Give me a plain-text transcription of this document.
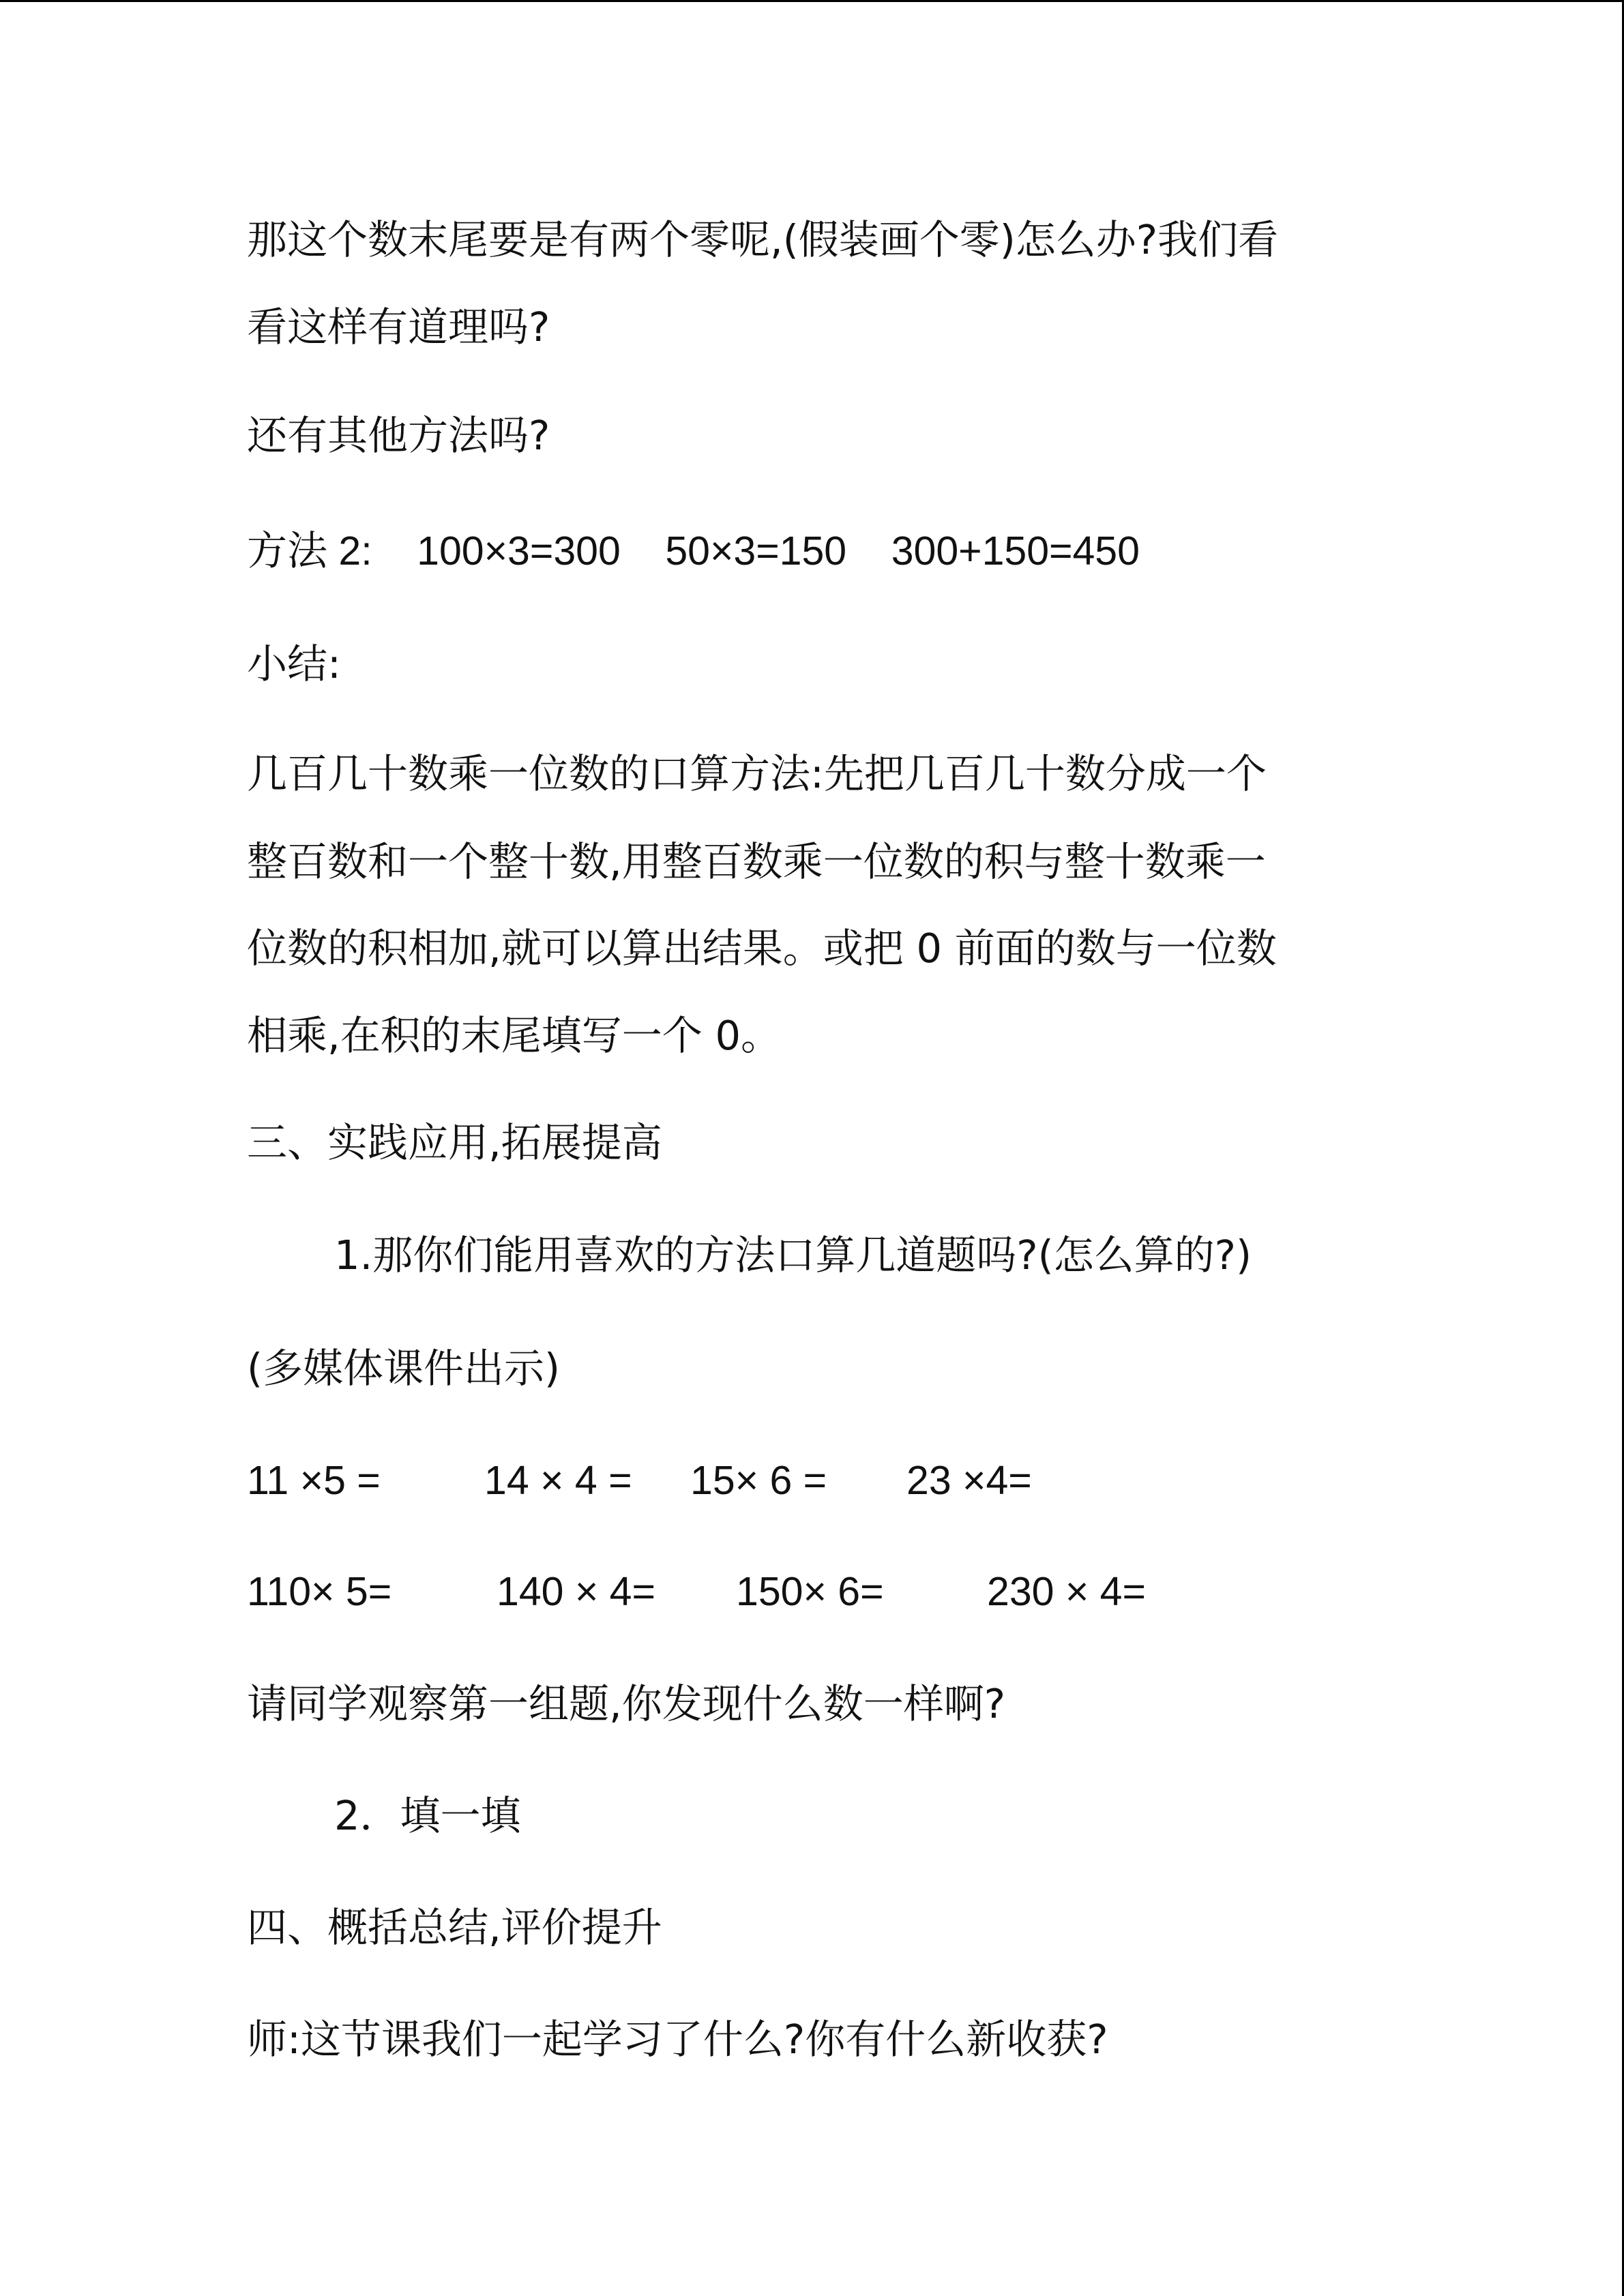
那这个数末尾要是有两个零呢,(假装画个零)怎么办?我们看
看这样有道理吗?
还有其他方法吗?
方法 2:    100×3=300    50×3=150    300+150=450
小结:
几百几十数乘一位数的口算方法:先把几百几十数分成一个
整百数和一个整十数,用整百数乘一位数的积与整十数乘一
位数的积相加,就可以算出结果。或把 0 前面的数与一位数
相乘,在积的末尾填写一个 0。
三、实践应用,拓展提高
1.那你们能用喜欢的方法口算几道题吗?(怎么算的?)
(多媒体课件出示)
11 ×5 =	14 × 4 = 15× 6 = 23 ×4=
110× 5=	140 × 4= 150× 6=	230 × 4=
请同学观察第一组题,你发现什么数一样啊?
2．填一填
四、概括总结,评价提升
师:这节课我们一起学习了什么?你有什么新收获?
